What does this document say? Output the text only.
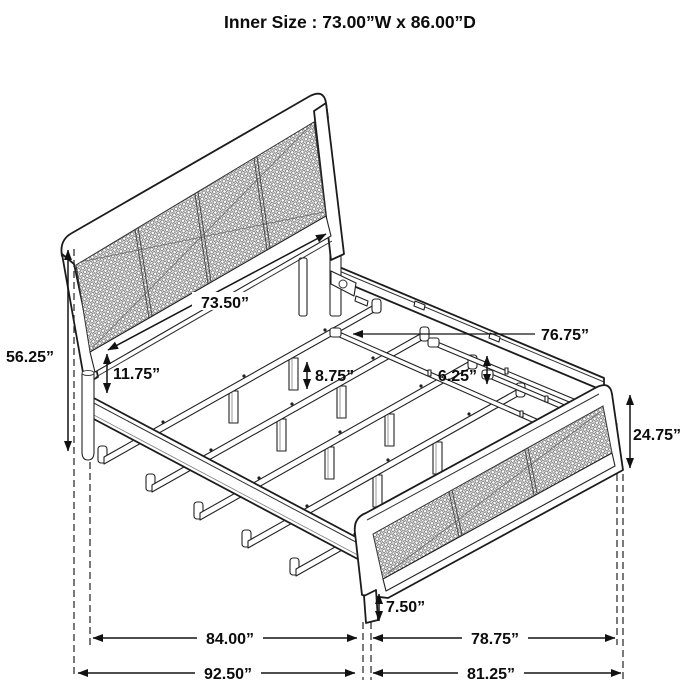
Inner Size : 73.00”W x 86.00”D
56.25”
73.50”
11.75”	8.75”	6.25”
76.75”
24.75”
7.50”
84.00”	78.75”
92.50”	81.25”
